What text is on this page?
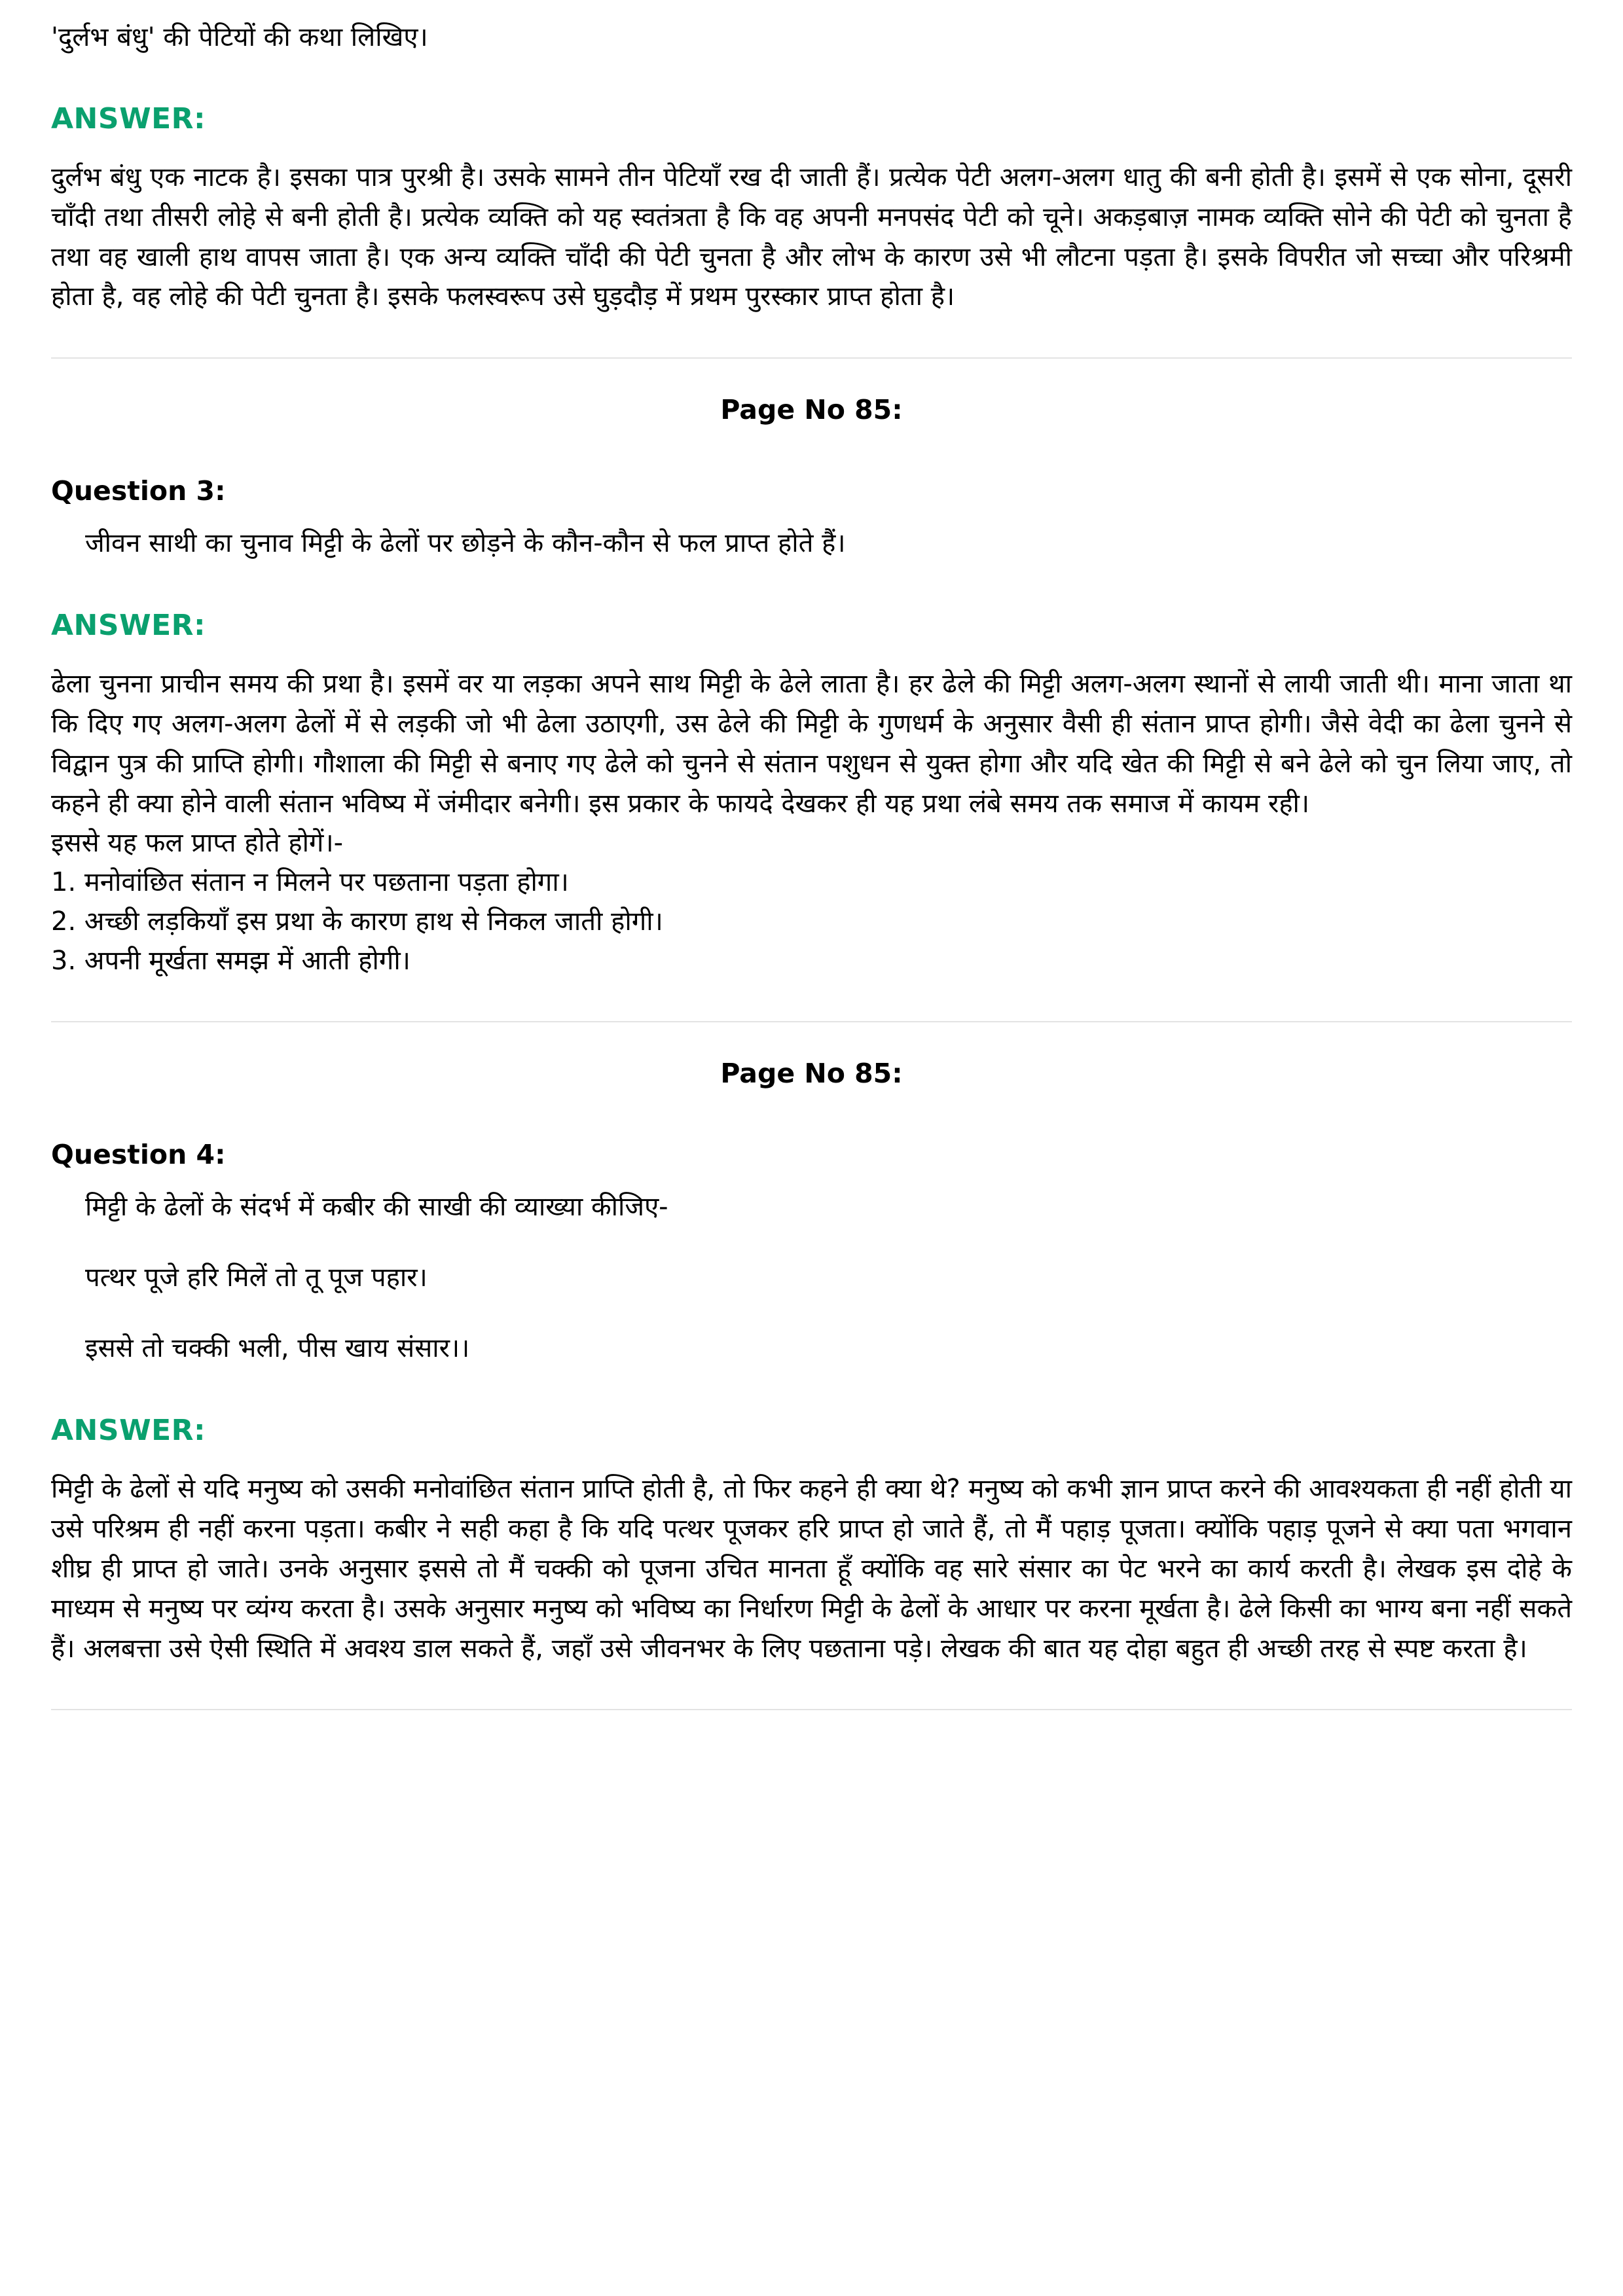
'दुर्लभ बंधु' की पेटियों की कथा लिखिए।

ANSWER:

दुर्लभ बंधु एक नाटक है। इसका पात्र पुरश्री है। उसके सामने तीन पेटियाँ रख दी जाती हैं। प्रत्येक पेटी अलग-अलग धातु की बनी होती है। इसमें से एक सोना, दूसरी चाँदी तथा तीसरी लोहे से बनी होती है। प्रत्येक व्यक्ति को यह स्वतंत्रता है कि वह अपनी मनपसंद पेटी को चूने। अकड़बाज़ नामक व्यक्ति सोने की पेटी को चुनता है तथा वह खाली हाथ वापस जाता है। एक अन्य व्यक्ति चाँदी की पेटी चुनता है और लोभ के कारण उसे भी लौटना पड़ता है। इसके विपरीत जो सच्चा और परिश्रमी होता है, वह लोहे की पेटी चुनता है। इसके फलस्वरूप उसे घुड़दौड़ में प्रथम पुरस्कार प्राप्त होता है।

Page No 85:
Question 3:

जीवन साथी का चुनाव मिट्टी के ढेलों पर छोड़ने के कौन-कौन से फल प्राप्त होते हैं।

ANSWER:

ढेला चुनना प्राचीन समय की प्रथा है। इसमें वर या लड़का अपने साथ मिट्टी के ढेले लाता है। हर ढेले की मिट्टी अलग-अलग स्थानों से लायी जाती थी। माना जाता था कि दिए गए अलग-अलग ढेलों में से लड़की जो भी ढेला उठाएगी, उस ढेले की मिट्टी के गुणधर्म के अनुसार वैसी ही संतान प्राप्त होगी। जैसे वेदी का ढेला चुनने से विद्वान पुत्र की प्राप्ति होगी। गौशाला की मिट्टी से बनाए गए ढेले को चुनने से संतान पशुधन से युक्त होगा और यदि खेत की मिट्टी से बने ढेले को चुन लिया जाए, तो कहने ही क्या होने वाली संतान भविष्य में जंमीदार बनेगी। इस प्रकार के फायदे देखकर ही यह प्रथा लंबे समय तक समाज में कायम रही।

इससे यह फल प्राप्त होते होगें।-

1. मनोवांछित संतान न मिलने पर पछताना पड़ता होगा।

2. अच्छी लड़कियाँ इस प्रथा के कारण हाथ से निकल जाती होगी।

3. अपनी मूर्खता समझ में आती होगी।

Page No 85:
Question 4:

मिट्टी के ढेलों के संदर्भ में कबीर की साखी की व्याख्या कीजिए-

पत्थर पूजे हरि मिलें तो तू पूज पहार।

इससे तो चक्की भली, पीस खाय संसार।।

ANSWER:

मिट्टी के ढेलों से यदि मनुष्य को उसकी मनोवांछित संतान प्राप्ति होती है, तो फिर कहने ही क्या थे? मनुष्य को कभी ज्ञान प्राप्त करने की आवश्यकता ही नहीं होती या उसे परिश्रम ही नहीं करना पड़ता। कबीर ने सही कहा है कि यदि पत्थर पूजकर हरि प्राप्त हो जाते हैं, तो मैं पहाड़ पूजता। क्योंकि पहाड़ पूजने से क्या पता भगवान शीघ्र ही प्राप्त हो जाते। उनके अनुसार इससे तो मैं चक्की को पूजना उचित मानता हूँ क्योंकि वह सारे संसार का पेट भरने का कार्य करती है। लेखक इस दोहे के माध्यम से मनुष्य पर व्यंग्य करता है। उसके अनुसार मनुष्य को भविष्य का निर्धारण मिट्टी के ढेलों के आधार पर करना मूर्खता है। ढेले किसी का भाग्य बना नहीं सकते हैं। अलबत्ता उसे ऐसी स्थिति में अवश्य डाल सकते हैं, जहाँ उसे जीवनभर के लिए पछताना पड़े। लेखक की बात यह दोहा बहुत ही अच्छी तरह से स्पष्ट करता है।
